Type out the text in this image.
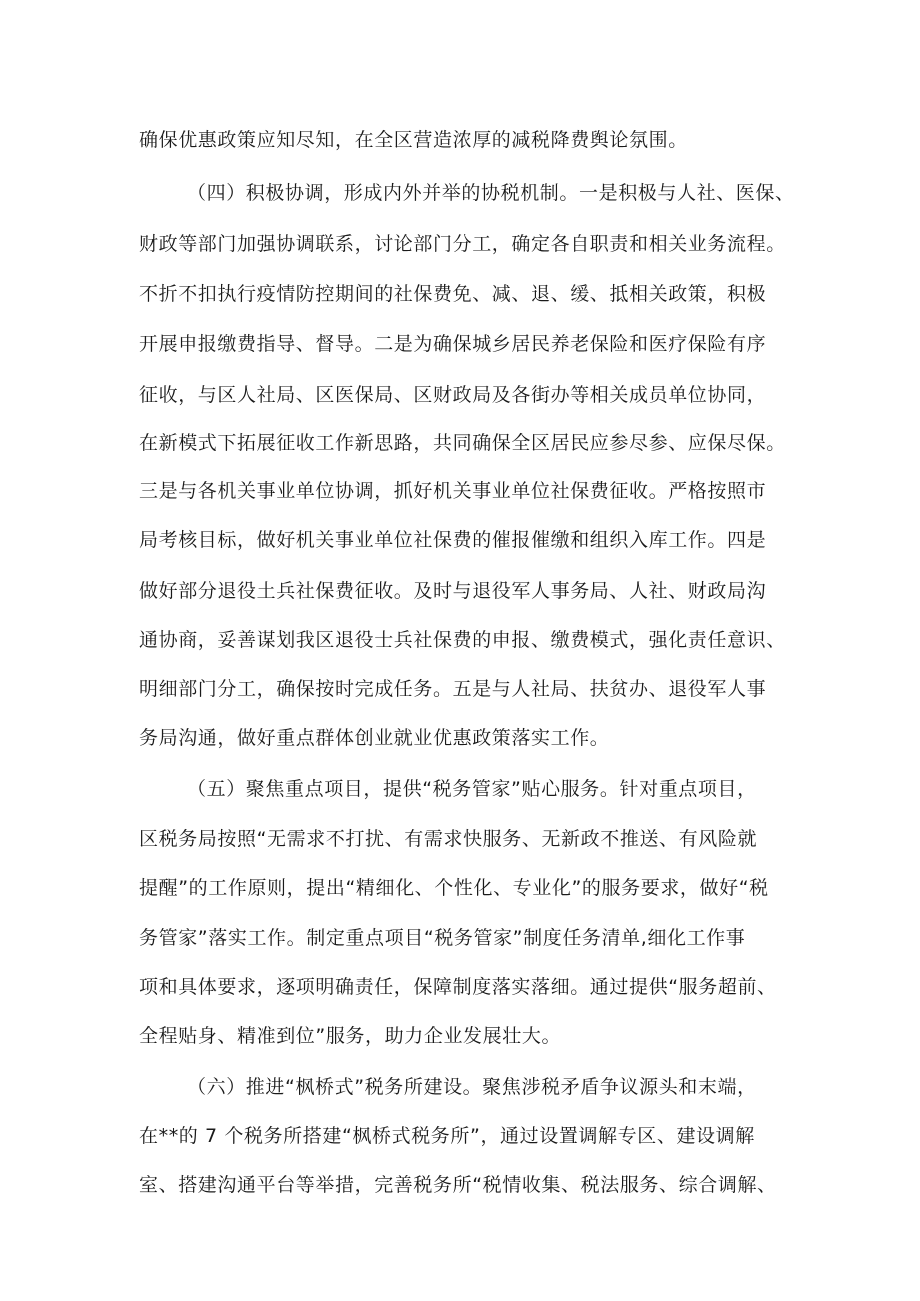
确保优惠政策应知尽知，在全区营造浓厚的减税降费舆论氛围。
（四）积极协调，形成内外并举的协税机制。一是积极与人社、医保、
财政等部门加强协调联系，讨论部门分工，确定各自职责和相关业务流程。
不折不扣执行疫情防控期间的社保费免、减、退、缓、抵相关政策，积极
开展申报缴费指导、督导。二是为确保城乡居民养老保险和医疗保险有序
征收，与区人社局、区医保局、区财政局及各街办等相关成员单位协同，
在新模式下拓展征收工作新思路，共同确保全区居民应参尽参、应保尽保。
三是与各机关事业单位协调，抓好机关事业单位社保费征收。严格按照市
局考核目标，做好机关事业单位社保费的催报催缴和组织入库工作。四是
做好部分退役土兵社保费征收。及时与退役军人事务局、人社、财政局沟
通协商，妥善谋划我区退役士兵社保费的申报、缴费模式，强化责任意识、
明细部门分工，确保按时完成任务。五是与人社局、扶贫办、退役军人事
务局沟通，做好重点群体创业就业优惠政策落实工作。
（五）聚焦重点项目，提供“税务管家”贴心服务。针对重点项目，
区税务局按照“无需求不打扰、有需求快服务、无新政不推送、有风险就
提醒”的工作原则，提出“精细化、个性化、专业化”的服务要求，做好“税
务管家”落实工作。制定重点项目“税务管家”制度任务清单,细化工作事
项和具体要求，逐项明确责任，保障制度落实落细。通过提供“服务超前、
全程贴身、精准到位”服务，助力企业发展壮大。
（六）推进“枫桥式”税务所建设。聚焦涉税矛盾争议源头和末端，
在**的 7 个税务所搭建“枫桥式税务所”，通过设置调解专区、建设调解
室、搭建沟通平台等举措，完善税务所“税情收集、税法服务、综合调解、
